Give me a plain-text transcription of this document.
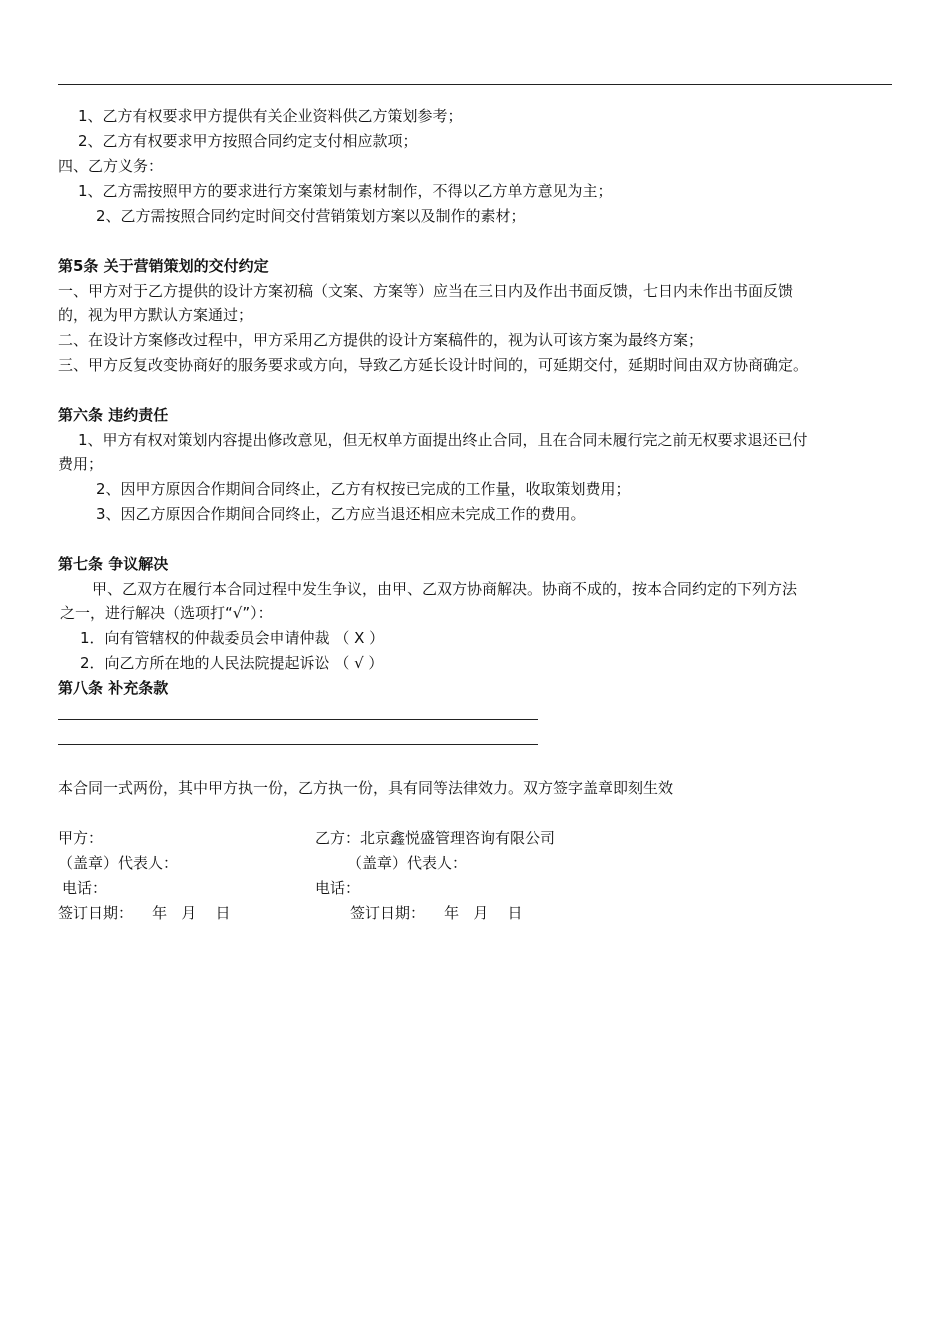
1、乙方有权要求甲方提供有关企业资料供乙方策划参考；
2、乙方有权要求甲方按照合同约定支付相应款项；
四、乙方义务：
1、乙方需按照甲方的要求进行方案策划与素材制作，不得以乙方单方意见为主；
2、乙方需按照合同约定时间交付营销策划方案以及制作的素材；
第5条 关于营销策划的交付约定
一、甲方对于乙方提供的设计方案初稿（文案、方案等）应当在三日内及作出书面反馈，七日内未作出书面反馈
的，视为甲方默认方案通过；
二、在设计方案修改过程中，甲方采用乙方提供的设计方案稿件的，视为认可该方案为最终方案；
三、甲方反复改变协商好的服务要求或方向，导致乙方延长设计时间的，可延期交付，延期时间由双方协商确定。
第六条 违约责任
1、甲方有权对策划内容提出修改意见，但无权单方面提出终止合同，且在合同未履行完之前无权要求退还已付
费用；
2、因甲方原因合作期间合同终止，乙方有权按已完成的工作量，收取策划费用；
3、因乙方原因合作期间合同终止，乙方应当退还相应未完成工作的费用。
第七条 争议解决
甲、乙双方在履行本合同过程中发生争议，由甲、乙双方协商解决。协商不成的，按本合同约定的下列方法
之一，进行解决（选项打“√”）：
1．向有管辖权的仲裁委员会申请仲裁 （ X ）
2．向乙方所在地的人民法院提起诉讼 （ √ ）
第八条 补充条款
本合同一式两份，其中甲方执一份，乙方执一份，具有同等法律效力。双方签字盖章即刻生效
甲方：	乙方：北京鑫悦盛管理咨询有限公司
（盖章）代表人：	（盖章）代表人：
电话：	电话：
签订日期：    年   月    日	签订日期：    年   月    日
